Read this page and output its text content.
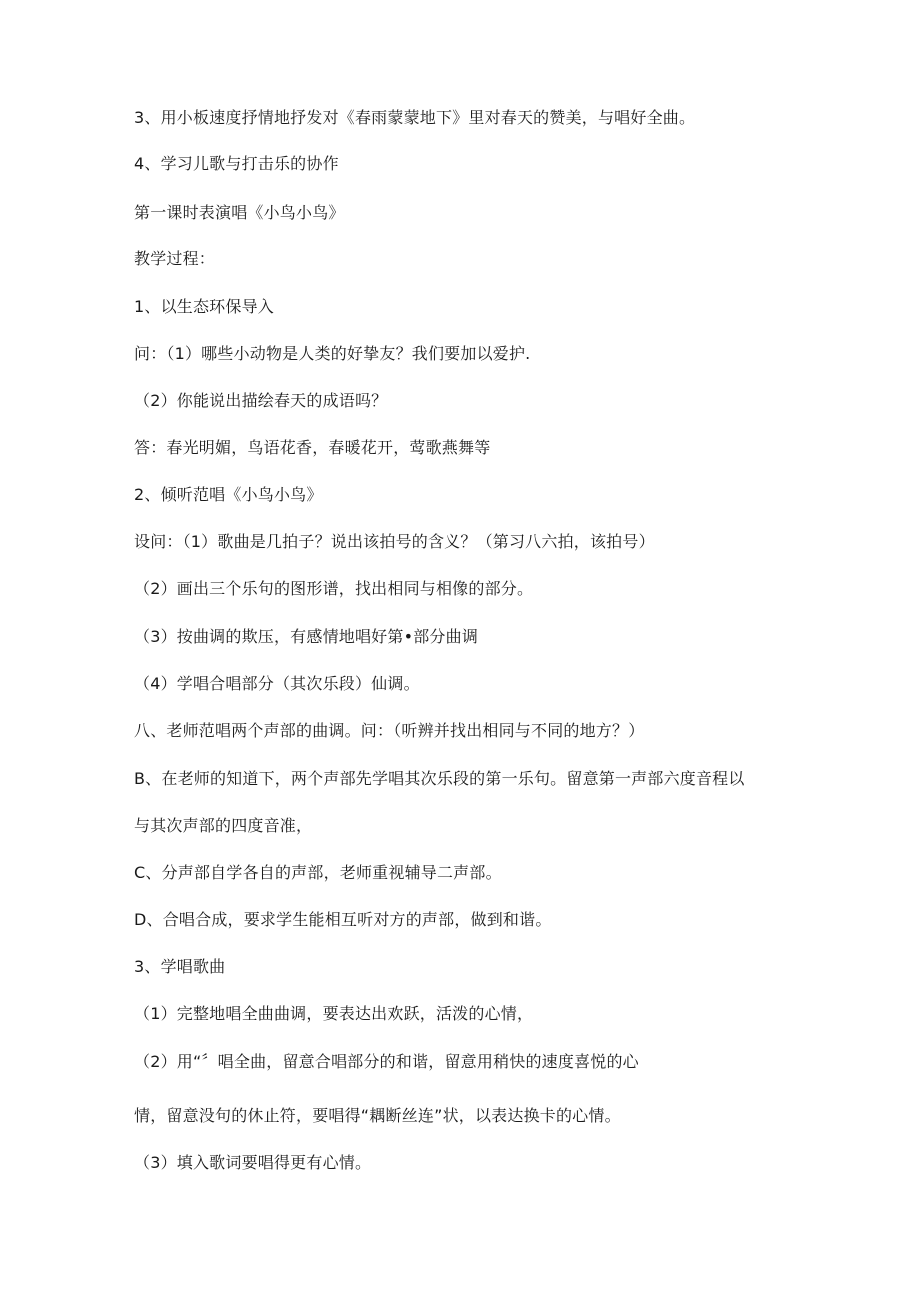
3、用小板速度抒情地抒发对《春雨蒙蒙地下》里对春天的赞美，与唱好全曲。
4、学习儿歌与打击乐的协作
第一课时表演唱《小鸟小鸟》
教学过程：
1、以生态环保导入
问：（1）哪些小动物是人类的好挚友？我们要加以爱护.
（2）你能说出描绘春天的成语吗？
答：春光明媚，鸟语花香，春暖花开，莺歌燕舞等
2、倾听范唱《小鸟小鸟》
设问：（1）歌曲是几拍子？说出该拍号的含义？（第习八六拍，该拍号）
（2）画出三个乐句的图形谱，找出相同与相像的部分。
（3）按曲调的欺压，有感情地唱好第•部分曲调
（4）学唱合唱部分（其次乐段）仙调。
八、老师范唱两个声部的曲调。问：（听辨并找出相同与不同的地方？）
B、在老师的知道下，两个声部先学唱其次乐段的第一乐句。留意第一声部六度音程以
与其次声部的四度音准，
C、分声部自学各自的声部，老师重视辅导二声部。
D、合唱合成，要求学生能相互听对方的声部，做到和谐。
3、学唱歌曲
（1）完整地唱全曲曲调，要表达出欢跃，活泼的心情，
（2）用“〞唱全曲，留意合唱部分的和谐，留意用稍快的速度喜悦的心
情，留意没句的休止符，要唱得“耦断丝连”状，以表达换卡的心情。
（3）填入歌词要唱得更有心情。
